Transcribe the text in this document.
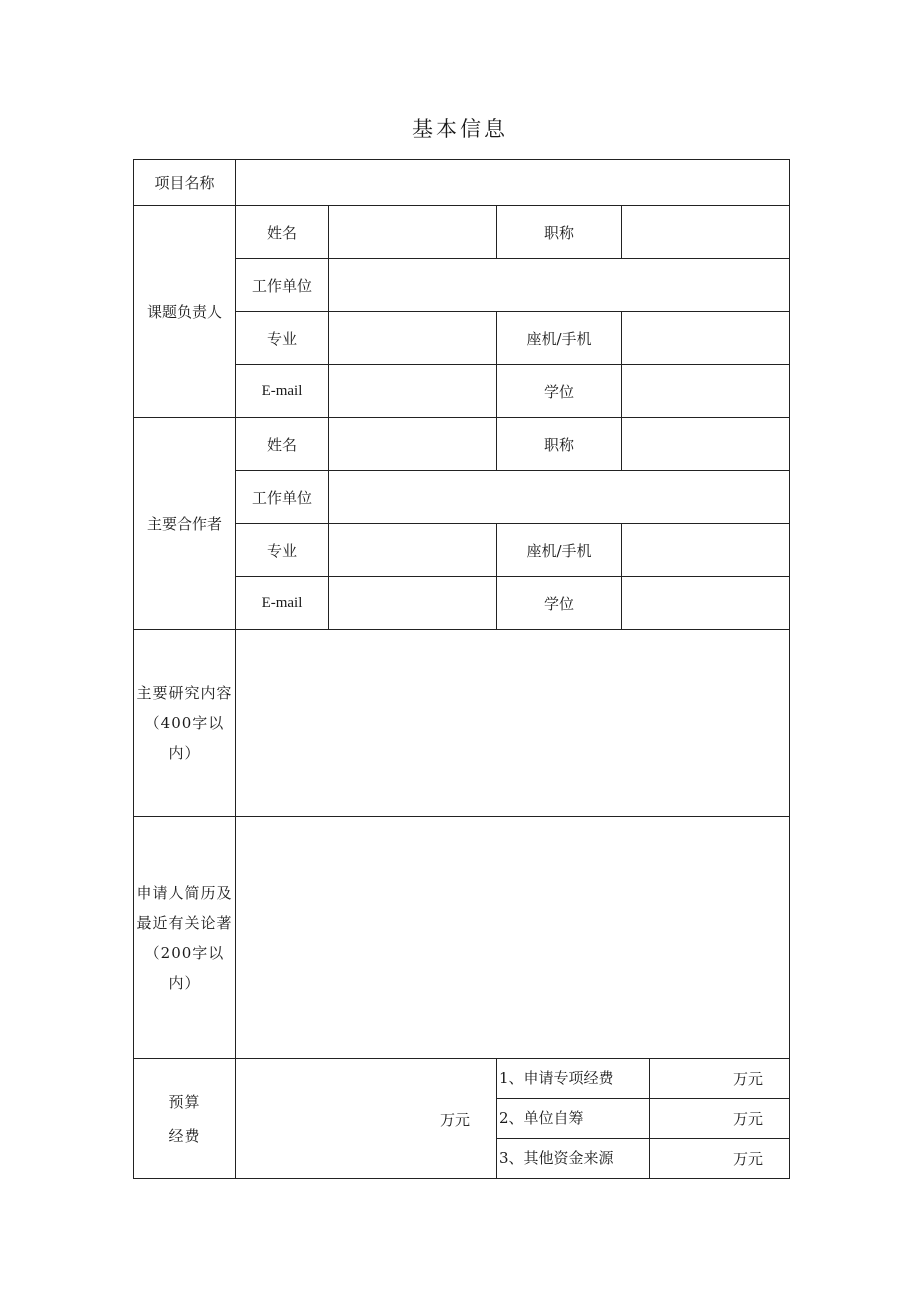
基本信息
项目名称					
课题负责人	姓名		职称		
	工作单位				
	专业		座机/手机		
	E-mail		学位		
主要合作者	姓名		职称		
	工作单位				
	专业		座机/手机		
	E-mail		学位		

主要研究内容
（400字以内）					

申请人简历及
最近有关论著
（200字以内）					

预算
经费	万元		1、申请专项经费		万元
			2、单位自筹		万元
			3、其他资金来源		万元
